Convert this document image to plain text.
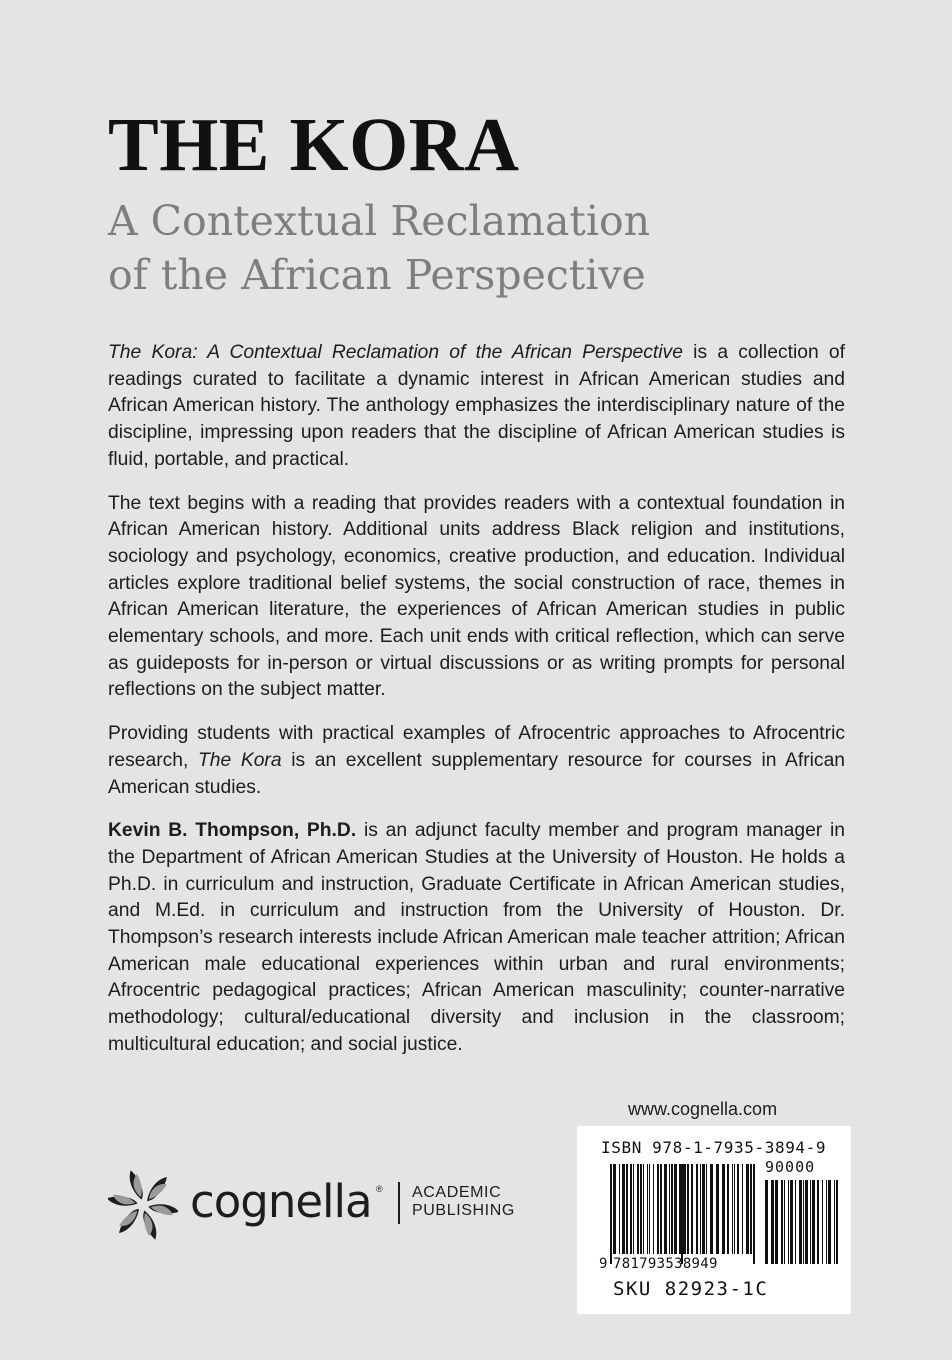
THE KORA
A Contextual Reclamation
of the African Perspective

The Kora: A Contextual Reclamation of the African Perspective is a collection of readings curated to facilitate a dynamic interest in African American studies and African American history. The anthology emphasizes the interdisciplinary nature of the discipline, impressing upon readers that the discipline of African American studies is fluid, portable, and practical.

The text begins with a reading that provides readers with a contextual foundation in African American history. Additional units address Black religion and institutions, sociology and psychology, economics, creative production, and education. Individual articles explore traditional belief systems, the social construction of race, themes in African American literature, the experiences of African American studies in public elementary schools, and more. Each unit ends with critical reflection, which can serve as guideposts for in-person or virtual discussions or as writing prompts for personal reflections on the subject matter.

Providing students with practical examples of Afrocentric approaches to Afrocentric research, The Kora is an excellent supplementary resource for courses in African American studies.

Kevin B. Thompson, Ph.D. is an adjunct faculty member and program manager in the Department of African American Studies at the University of Houston. He holds a Ph.D. in curriculum and instruction, Graduate Certificate in African American studies, and M.Ed. in curriculum and instruction from the University of Houston. Dr. Thompson’s research interests include African American male teacher attrition; African American male educational experiences within urban and rural environments; Afrocentric pedagogical practices; African American masculinity; counter-narrative methodology; cultural/educational diversity and inclusion in the classroom; multicultural education; and social justice.

www.cognella.com
ISBN 978-1-7935-3894-9
90000
9 781793538949
SKU 82923-1C
cognella ® ACADEMIC
PUBLISHING
